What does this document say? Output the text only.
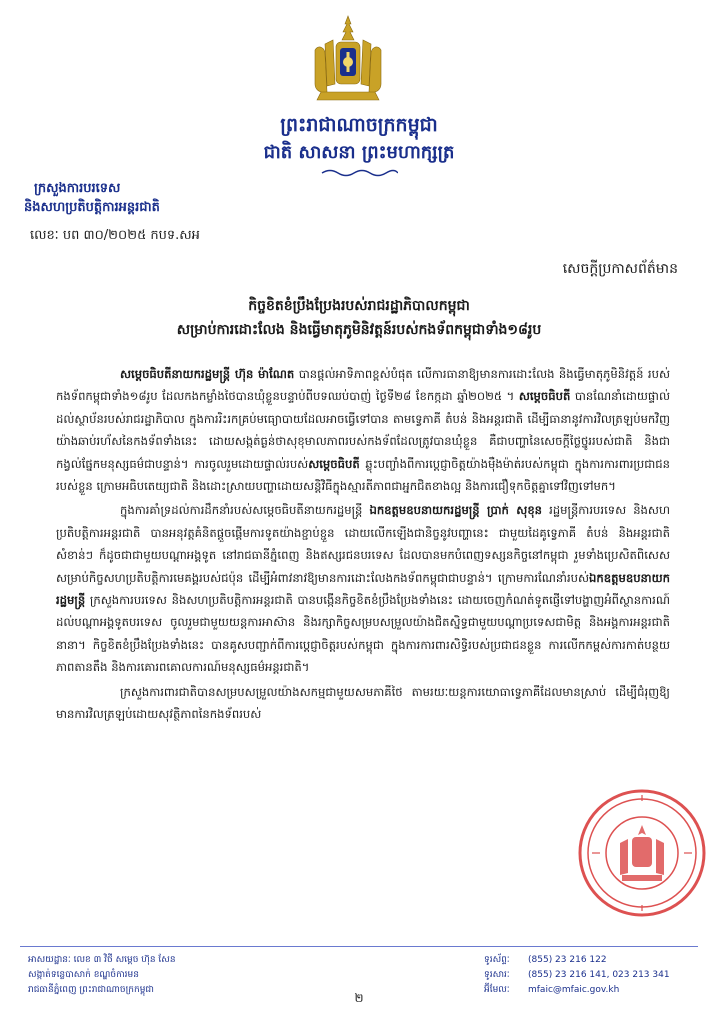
ព្រះរាជាណាចក្រកម្ពុជា
ជាតិ សាសនា ព្រះមហាក្សត្រ
ក្រសួងការបរទេស
និងសហប្រតិបត្តិការអន្តរជាតិ
លេខៈ បព ៣០/២០២៥ កបទ.សអ
សេចក្តីប្រកាសព័ត៌មាន
កិច្ចខិតខំប្រឹងប្រែងរបស់រាជរដ្ឋាភិបាលកម្ពុជា
សម្រាប់ការដោះលែង និងធ្វើមាតុភូមិនិវត្តន៍របស់កងទ័ពកម្ពុជាទាំង១៨រូប

សម្តេចធិបតីនាយករដ្ឋមន្ត្រី ហ៊ុន ម៉ាណែត បានផ្តល់អាទិភាពខ្ពស់បំផុត លើការធានាឱ្យមានការដោះលែង និងធ្វើមាតុភូមិនិវត្តន៍ របស់កងទ័ពកម្ពុជាទាំង១៨រូប ដែលកងកម្លាំងថៃបានឃុំខ្លួនបន្ទាប់ពីបទឈប់បាញ់ ថ្ងៃទី២៨ ខែកក្កដា ឆ្នាំ២០២៥ ។ សម្តេចធិបតី បានណែនាំដោយផ្ទាល់ដល់ស្ថាប័នរបស់រាជរដ្ឋាភិបាល ក្នុងការរិះរកគ្រប់មធ្យោបាយដែលអាចធ្វើទៅបាន តាមទ្វេភាគី តំបន់ និងអន្តរជាតិ ដើម្បីធានានូវការវិលត្រឡប់មកវិញយ៉ាងឆាប់រហ័សនៃកងទ័ពទាំងនេះ ដោយសង្កត់ធ្ងន់ថាសុខុមាលភាពរបស់កងទ័ពដែលត្រូវបានឃុំខ្លួន គឺជាបញ្ហានៃសេចក្តីថ្លៃថ្នូររបស់ជាតិ និងជាកង្វល់ផ្នែកមនុស្សធម៌ជាបន្ទាន់។ ការចូលរួមដោយផ្ទាល់របស់សម្តេចធិបតី ឆ្លុះបញ្ចាំងពីការប្តេជ្ញាចិត្តយ៉ាងម៉ឺងម៉ាត់របស់កម្ពុជា ក្នុងការការពារប្រជាជនរបស់ខ្លួន ក្រោមអធិបតេយ្យជាតិ និងដោះស្រាយបញ្ហាដោយសន្តិវិធីក្នុងស្មារតីភាពជាអ្នកជិតខាងល្អ និងការជឿទុកចិត្តគ្នាទៅវិញទៅមក។

ក្នុងការគាំទ្រដល់ការដឹកនាំរបស់សម្តេចធិបតីនាយករដ្ឋមន្ត្រី ឯកឧត្តមឧបនាយករដ្ឋមន្ត្រី ប្រាក់ សុខុន រដ្ឋមន្ត្រីការបរទេស និងសហប្រតិបត្តិការអន្តរជាតិ បានអនុវត្តគំនិតផ្តួចផ្តើមការទូតយ៉ាងខ្ជាប់ខ្ជួន ដោយលើកឡើងជានិច្ចនូវបញ្ហានេះ ជាមួយដៃគូទ្វេភាគី តំបន់ និងអន្តរជាតិសំខាន់ៗ ក៏ដូចជាជាមួយបណ្តាអង្គទូត នៅរាជធានីភ្នំពេញ និងឥស្សរជនបរទេស ដែលបានមកបំពេញទស្សនកិច្ចនៅកម្ពុជា រួមទាំងប្រេសិតពិសេសសម្រាប់កិច្ចសហប្រតិបត្តិការមេគង្គរបស់ជប៉ុន ដើម្បីអំពាវនាវឱ្យមានការដោះលែងកងទ័ពកម្ពុជាជាបន្ទាន់។ ក្រោមការណែនាំរបស់ឯកឧត្តមឧបនាយករដ្ឋមន្ត្រី ក្រសួងការបរទេស និងសហប្រតិបត្តិការអន្តរជាតិ បានបង្កើនកិច្ចខិតខំប្រឹងប្រែងទាំងនេះ ដោយចេញកំណត់ទូតផ្ញើទៅបង្ហាញអំពីស្ថានការណ៍ដល់បណ្តាអង្គទូតបរទេស ចូលរួមជាមួយយន្តការអាស៊ាន និងរក្សាកិច្ចសម្របសម្រួលយ៉ាងជិតស្និទ្ធជាមួយបណ្តាប្រទេសជាមិត្ត និងអង្គការអន្តរជាតិនានា។ កិច្ចខិតខំប្រឹងប្រែងទាំងនេះ បានគូសបញ្ជាក់ពីការប្តេជ្ញាចិត្តរបស់កម្ពុជា ក្នុងការការពារសិទ្ធិរបស់ប្រជាជនខ្លួន ការលើកកម្ពស់ការកាត់បន្ថយភាពតានតឹង និងការគោរពគោលការណ៍មនុស្សធម៌អន្តរជាតិ។

ក្រសួងការពារជាតិបានសម្របសម្រួលយ៉ាងសកម្មជាមួយសមភាគីថៃ តាមរយៈយន្តការយោធាទ្វេភាគីដែលមានស្រាប់ ដើម្បីជំរុញឱ្យមានការវិលត្រឡប់ដោយសុវត្ថិភាពនៃកងទ័ពរបស់

អាសយដ្ឋានៈ លេខ ៣ វិថី សម្តេច ហ៊ុន សែន
សង្កាត់ទន្លេបាសាក់ ខណ្ឌចំការមន
រាជធានីភ្នំពេញ ព្រះរាជាណាចក្រកម្ពុជា
២
ទូរស័ព្ទៈ (855) 23 216 122
ទូរសារៈ (855) 23 216 141, 023 213 341
អ៊ីមែលៈ mfaic@mfaic.gov.kh
